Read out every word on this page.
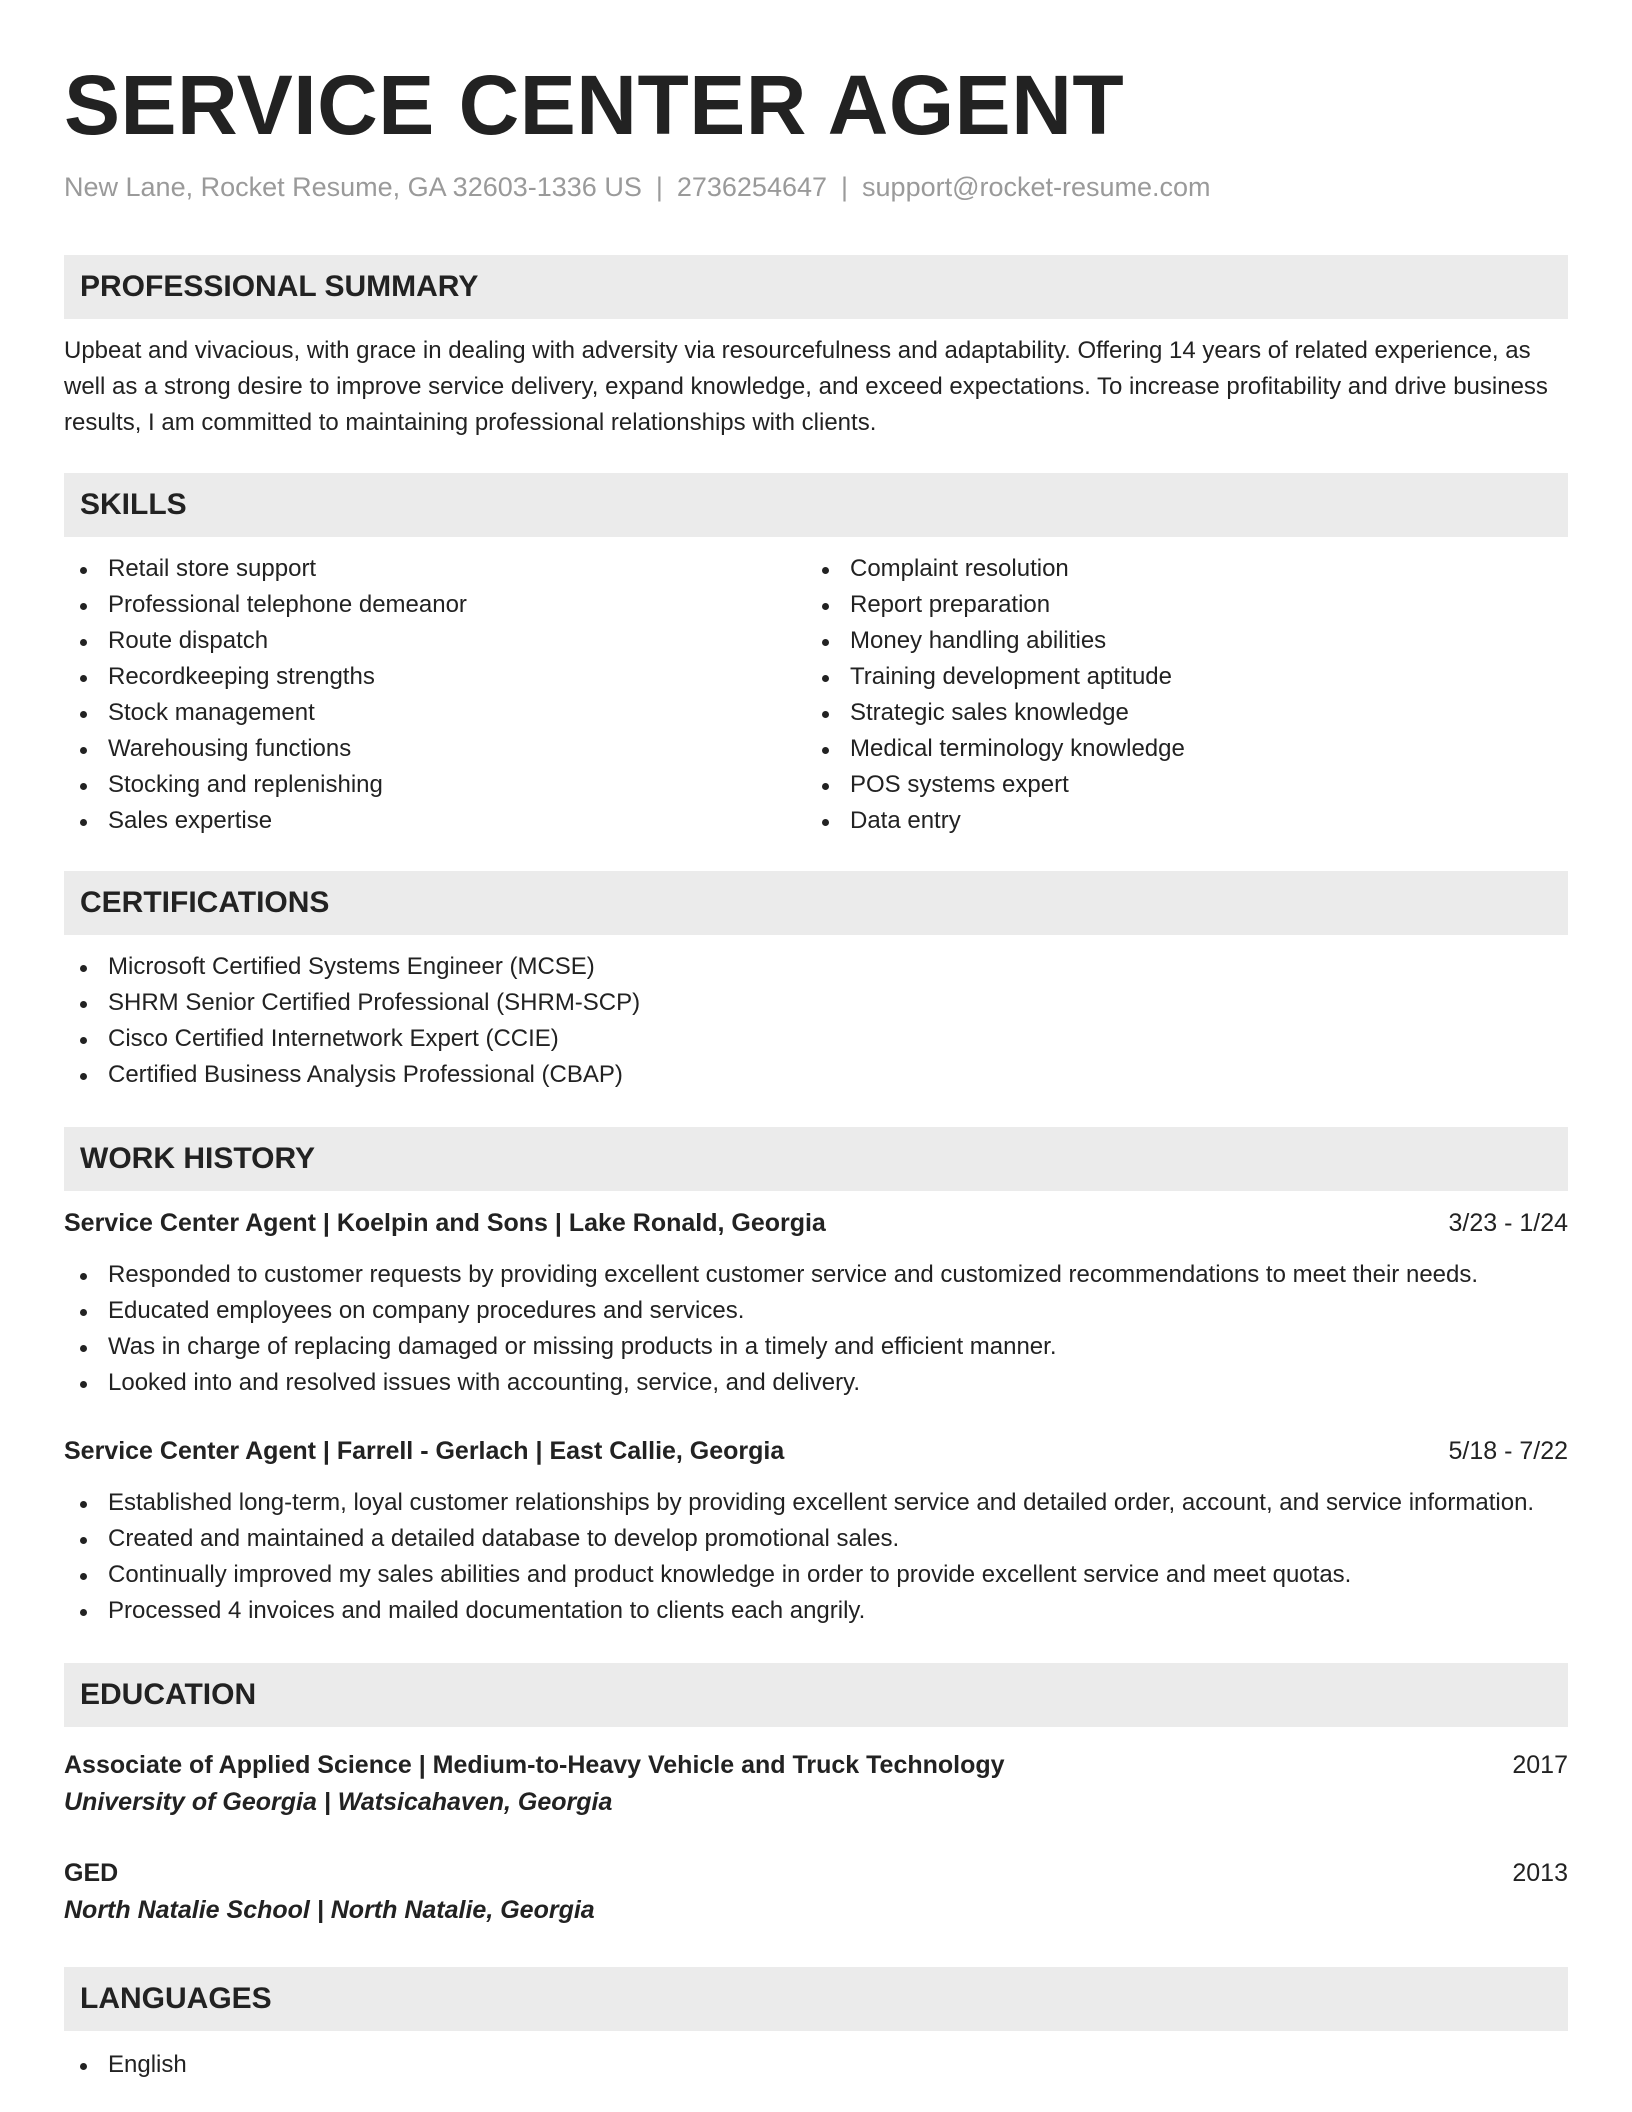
SERVICE CENTER AGENT
New Lane, Rocket Resume, GA 32603-1336 US | 2736254647 | support@rocket-resume.com
PROFESSIONAL SUMMARY
Upbeat and vivacious, with grace in dealing with adversity via resourcefulness and adaptability. Offering 14 years of related experience, as well as a strong desire to improve service delivery, expand knowledge, and exceed expectations. To increase profitability and drive business results, I am committed to maintaining professional relationships with clients.
SKILLS
Retail store support
Professional telephone demeanor
Route dispatch
Recordkeeping strengths
Stock management
Warehousing functions
Stocking and replenishing
Sales expertise
Complaint resolution
Report preparation
Money handling abilities
Training development aptitude
Strategic sales knowledge
Medical terminology knowledge
POS systems expert
Data entry
CERTIFICATIONS
Microsoft Certified Systems Engineer (MCSE)
SHRM Senior Certified Professional (SHRM-SCP)
Cisco Certified Internetwork Expert (CCIE)
Certified Business Analysis Professional (CBAP)
WORK HISTORY
Service Center Agent | Koelpin and Sons | Lake Ronald, Georgia	3/23 - 1/24
Responded to customer requests by providing excellent customer service and customized recommendations to meet their needs.
Educated employees on company procedures and services.
Was in charge of replacing damaged or missing products in a timely and efficient manner.
Looked into and resolved issues with accounting, service, and delivery.
Service Center Agent | Farrell - Gerlach | East Callie, Georgia	5/18 - 7/22
Established long-term, loyal customer relationships by providing excellent service and detailed order, account, and service information.
Created and maintained a detailed database to develop promotional sales.
Continually improved my sales abilities and product knowledge in order to provide excellent service and meet quotas.
Processed 4 invoices and mailed documentation to clients each angrily.
EDUCATION
Associate of Applied Science | Medium-to-Heavy Vehicle and Truck Technology	2017
University of Georgia | Watsicahaven, Georgia
GED	2013
North Natalie School | North Natalie, Georgia
LANGUAGES
English
